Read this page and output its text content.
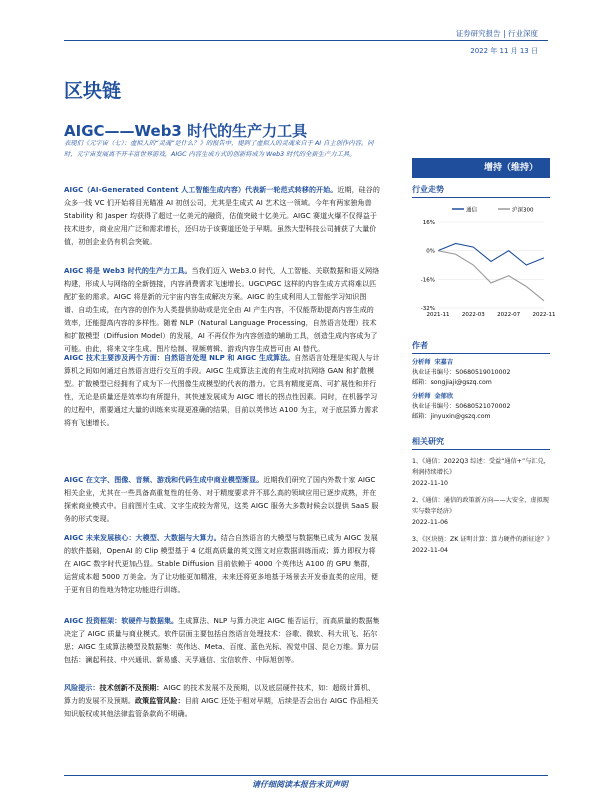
证券研究报告 | 行业深度
2022 年 11 月 13 日
区块链
AIGC——Web3 时代的生产力工具
表现们《元宇宙（七）：虚拟人的“灵魂”是什么？》的报告中，提到了虚拟人的灵魂来自于 AI 自主创作内容。同时，元宇宙发展离不开丰富世界游戏，AIGC 内容生成方式的创新将成为 Web3 时代的全新生产力工具。
增持（维持）
AIGC（AI-Generated Content 人工智能生成内容）代表新一轮范式转移的开始。近期，硅谷的众多一线 VC 们开始将目光瞄准 AI 初创公司，尤其是生成式 AI 艺术这一领域。今年有两家独角兽 Stability 和 Jasper 均获得了超过一亿美元的融资，估值突破十亿美元。AIGC 赛道火爆不仅得益于技术进步，商业应用广泛和需求增长，还归功于该赛道还处于早期。虽然大型科技公司捕获了大量价值，初创企业仍有机会突破。
AIGC 将是 Web3 时代的生产力工具。当我们迈入 Web3.0 时代，人工智能、关联数据和语义网络构建，形成人与网络的全新链接，内容消费需求飞速增长。UGC\PGC 这样的内容生成方式将难以匹配扩张的需求。AIGC 将是新的元宇宙内容生成解决方案。AIGC 的生成利用人工智能学习知识图谱、自动生成，在内容的创作为人类提供协助或是完全由 AI 产生内容，不仅能帮助提高内容生成的效率，还能提高内容的多样性。随着 NLP（Natural Language Processing，自然语言处理）技术和扩散模型（Diffusion Model）的发展，AI 不再仅作为内容创造的辅助工具，创造生成内容成为了可能。由此，将来文字生成、图片绘制、视频剪辑、游戏内容生成皆可由 AI 替代。
AIGC 技术主要涉及两个方面：自然语言处理 NLP 和 AIGC 生成算法。自然语言处理是实现人与计算机之间如何通过自然语言进行交互的手段。AIGC 生成算法主流的有生成对抗网络 GAN 和扩散模型。扩散模型已经拥有了成为下一代图像生成模型的代表的潜力。它具有精度更高、可扩展性和并行性，无论是质量还是效率均有所提升，其快速发展成为 AIGC 增长的拐点性因素。同时，在机器学习的过程中，需要通过大量的训练来实现更准确的结果，目前以英伟达 A100 为主，对于底层算力需求将有飞速增长。
AIGC 在文字、图像、音频、游戏和代码生成中商业模型渐显。近期我们研究了国内外数十家 AIGC 相关企业，尤其在一些具备高重复性的任务、对于精度要求并不那么高的领域应用已逐步成熟，并在探索商业模式中。目前图片生成、文字生成较为常见，这类 AIGC 服务大多数时候会以提供 SaaS 服务的形式变现。
AIGC 未来发展核心：大模型、大数据与大算力。结合自然语言的大模型与数据集已成为 AIGC 发展的软件基础，OpenAI 的 Clip 模型基于 4 亿组高质量的英文图文对应数据训练而成；算力即权力将在 AIGC 数字时代更加凸显。Stable Diffusion 目前依赖于 4000 个英伟达 A100 的 GPU 集群，运营成本超 5000 万美金。为了让功能更加精准，未来还将更多地基于场景去开发垂直类的应用，便于更有目的性地为特定功能进行训练。
AIGC 投资框架：软硬件与数据集。生成算法、NLP 与算力决定 AIGC 能否运行，而高质量的数据集决定了 AIGC 质量与商业模式。软件层面主要包括自然语言处理技术：谷歌、微软、科大讯飞、拓尔思；AIGC 生成算法模型及数据集：英伟达、Meta、百度、蓝色光标、视觉中国、昆仑万维。算力层包括：澜起科技、中兴通讯、新易盛、天孚通信、宝信软件、中际旭创等。
风险提示：技术创新不及预期：AIGC 的技术发展不及预期，以及底层硬件技术，如：超级计算机、算力的发展不及预期。政策监管风险：目前 AIGC 还处于相对早期，后续是否会出台 AIGC 作品相关知识版权或其他法律监管条款尚不明确。
行业走势
通信	沪深300
16%
0%
-16%
-32%
2021-11 2022-03 2022-07 2022-11
作者
分析师 宋嘉吉
执业证书编号：S0680519010002
邮箱：songjiaji@gszq.com
分析师 金郁欣
执业证书编号：S0680521070002
邮箱：jinyuxin@gszq.com
相关研究
1、《通信：2022Q3 综述：受益“通信+”与汇兑，利润持续增长》
2022-11-10
2、《通信：通信的政策新方向——大安全、虚拟现实与数字经济》
2022-11-06
3、《区块链：ZK 证明计算：算力硬件的新征途？》
2022-11-04
请仔细阅读本报告末页声明
